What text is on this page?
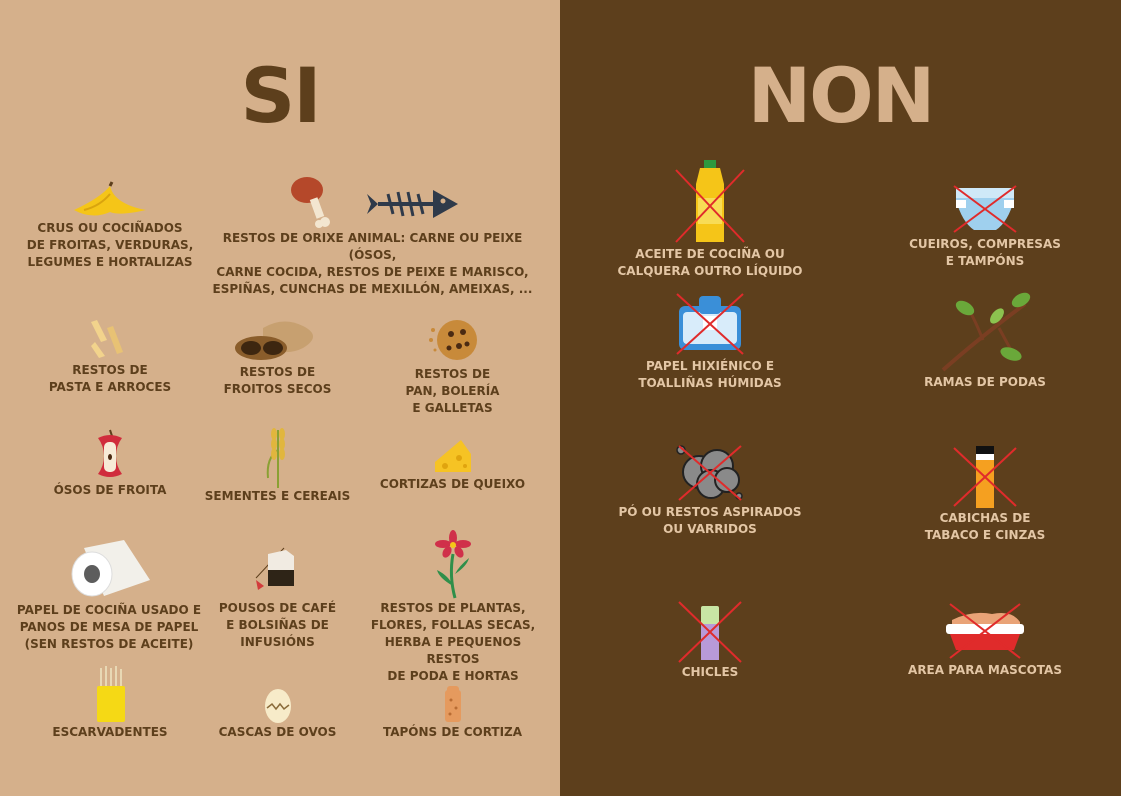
SI	NON
CRUS OU COCIÑADOS
DE FROITAS, VERDURAS,
LEGUMES E HORTALIZAS
RESTOS DE ORIXE ANIMAL: CARNE OU PEIXE (ÓSOS,
CARNE COCIDA, RESTOS DE PEIXE E MARISCO,
ESPIÑAS, CUNCHAS DE MEXILLÓN, AMEIXAS, ...
RESTOS DE
PASTA E ARROCES
RESTOS DE
FROITOS SECOS
RESTOS DE
PAN, BOLERÍA
E GALLETAS
ÓSOS DE FROITA	SEMENTES E CEREAIS
CORTIZAS DE QUEIXO
PAPEL DE COCIÑA USADO E
PANOS DE MESA DE PAPEL
(SEN RESTOS DE ACEITE)
POUSOS DE CAFÉ
E BOLSIÑAS DE
INFUSIÓNS
RESTOS DE PLANTAS,
FLORES, FOLLAS SECAS,
HERBA E PEQUENOS RESTOS
DE PODA E HORTAS
ESCARVADENTES	CASCAS DE OVOS	TAPÓNS DE CORTIZA
ACEITE DE COCIÑA OU
CALQUERA OUTRO LÍQUIDO
CUEIROS, COMPRESAS
E TAMPÓNS
PAPEL HIXIÉNICO E
TOALLIÑAS HÚMIDAS	RAMAS DE PODAS
PÓ OU RESTOS ASPIRADOS
OU VARRIDOS
CABICHAS DE
TABACO E CINZAS
CHICLES	AREA PARA MASCOTAS
